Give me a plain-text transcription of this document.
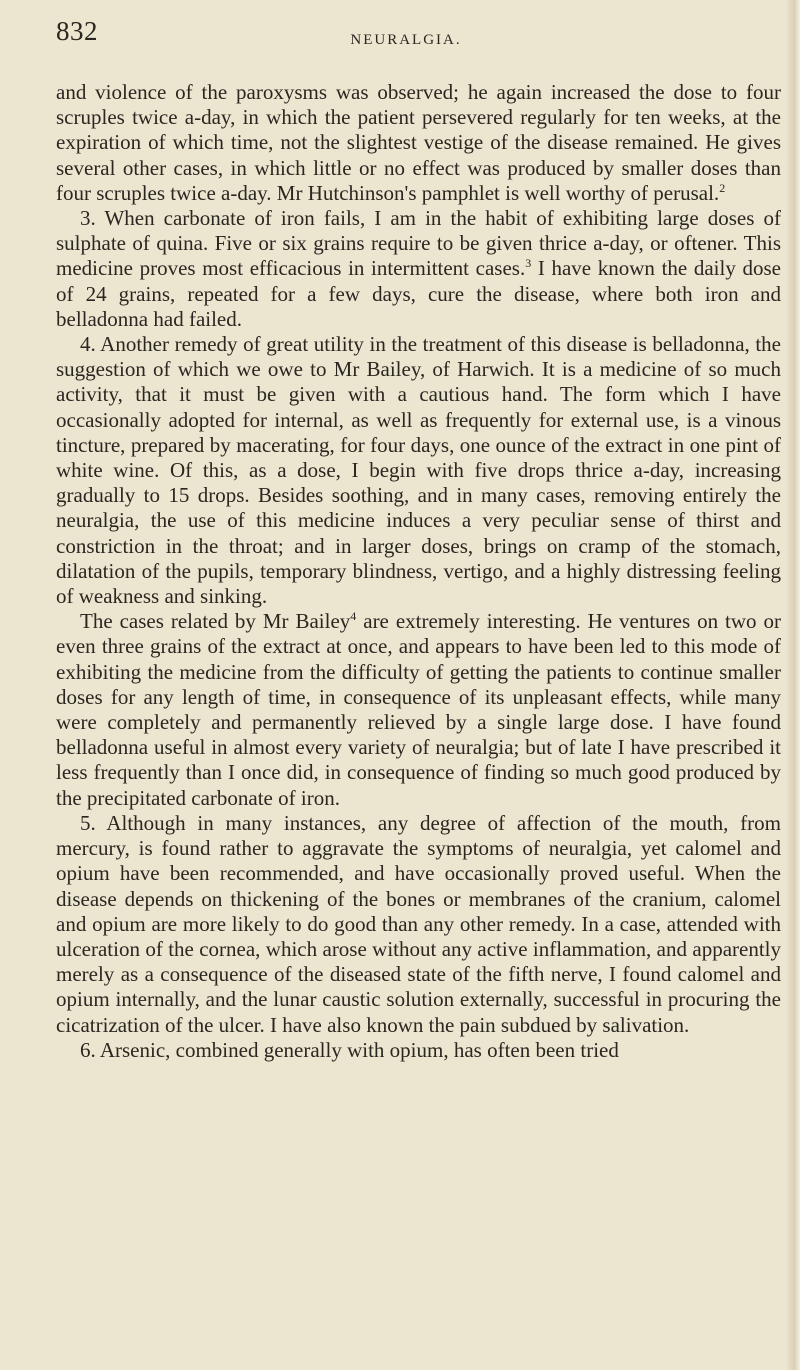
832	NEURALGIA.

and violence of the paroxysms was observed; he again increased the dose to four scruples twice a-day, in which the patient persevered regularly for ten weeks, at the expiration of which time, not the slightest vestige of the disease remained. He gives several other cases, in which little or no effect was produced by smaller doses than four scruples twice a-day. Mr Hutchinson's pamphlet is well worthy of perusal.$^2$

3. When carbonate of iron fails, I am in the habit of exhibiting large doses of sulphate of quina. Five or six grains require to be given thrice a-day, or oftener. This medicine proves most efficacious in intermittent cases.$^3$ I have known the daily dose of 24 grains, repeated for a few days, cure the disease, where both iron and belladonna had failed.

4. Another remedy of great utility in the treatment of this disease is belladonna, the suggestion of which we owe to Mr Bailey, of Harwich. It is a medicine of so much activity, that it must be given with a cautious hand. The form which I have occasionally adopted for internal, as well as frequently for external use, is a vinous tincture, prepared by macerating, for four days, one ounce of the extract in one pint of white wine. Of this, as a dose, I begin with five drops thrice a-day, increasing gradually to 15 drops. Besides soothing, and in many cases, removing entirely the neuralgia, the use of this medicine induces a very peculiar sense of thirst and constriction in the throat; and in larger doses, brings on cramp of the stomach, dilatation of the pupils, temporary blindness, vertigo, and a highly distressing feeling of weakness and sinking.

The cases related by Mr Bailey$^4$ are extremely interesting. He ventures on two or even three grains of the extract at once, and appears to have been led to this mode of exhibiting the medicine from the difficulty of getting the patients to continue smaller doses for any length of time, in consequence of its unpleasant effects, while many were completely and permanently relieved by a single large dose. I have found belladonna useful in almost every variety of neuralgia; but of late I have prescribed it less frequently than I once did, in consequence of finding so much good produced by the precipitated carbonate of iron.

5. Although in many instances, any degree of affection of the mouth, from mercury, is found rather to aggravate the symptoms of neuralgia, yet calomel and opium have been recommended, and have occasionally proved useful. When the disease depends on thickening of the bones or membranes of the cranium, calomel and opium are more likely to do good than any other remedy. In a case, attended with ulceration of the cornea, which arose without any active inflammation, and apparently merely as a consequence of the diseased state of the fifth nerve, I found calomel and opium internally, and the lunar caustic solution externally, successful in procuring the cicatrization of the ulcer. I have also known the pain subdued by salivation.

6. Arsenic, combined generally with opium, has often been tried
